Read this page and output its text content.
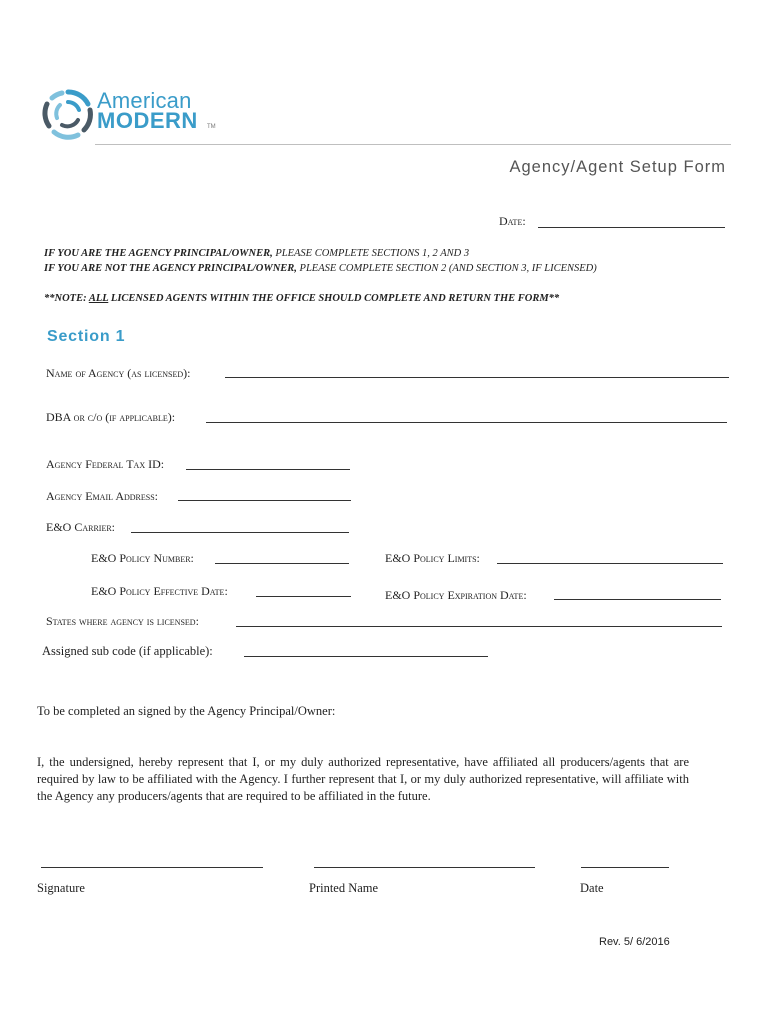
American
MODERN TM
Agency/Agent Setup Form
Date:
IF YOU ARE THE AGENCY PRINCIPAL/OWNER, PLEASE COMPLETE SECTIONS 1, 2 AND 3
IF YOU ARE NOT THE AGENCY PRINCIPAL/OWNER, PLEASE COMPLETE SECTION 2 (AND SECTION 3, IF LICENSED)
**NOTE: ALL LICENSED AGENTS WITHIN THE OFFICE SHOULD COMPLETE AND RETURN THE FORM**
Section 1
Name of Agency (as licensed):
DBA or c/o (if applicable):
Agency Federal Tax ID:
Agency Email Address:
E&O Carrier:
E&O Policy Number:	E&O Policy Limits:
E&O Policy Effective Date:	E&O Policy Expiration Date:
States where agency is licensed:
Assigned sub code (if applicable):
To be completed an signed by the Agency Principal/Owner:
I, the undersigned, hereby represent that I, or my duly authorized representative, have affiliated all producers/agents that are required by law to be affiliated with the Agency. I further represent that I, or my duly authorized representative, will affiliate with the Agency any producers/agents that are required to be affiliated in the future.
Signature	Printed Name	Date
Rev. 5/ 6/2016
